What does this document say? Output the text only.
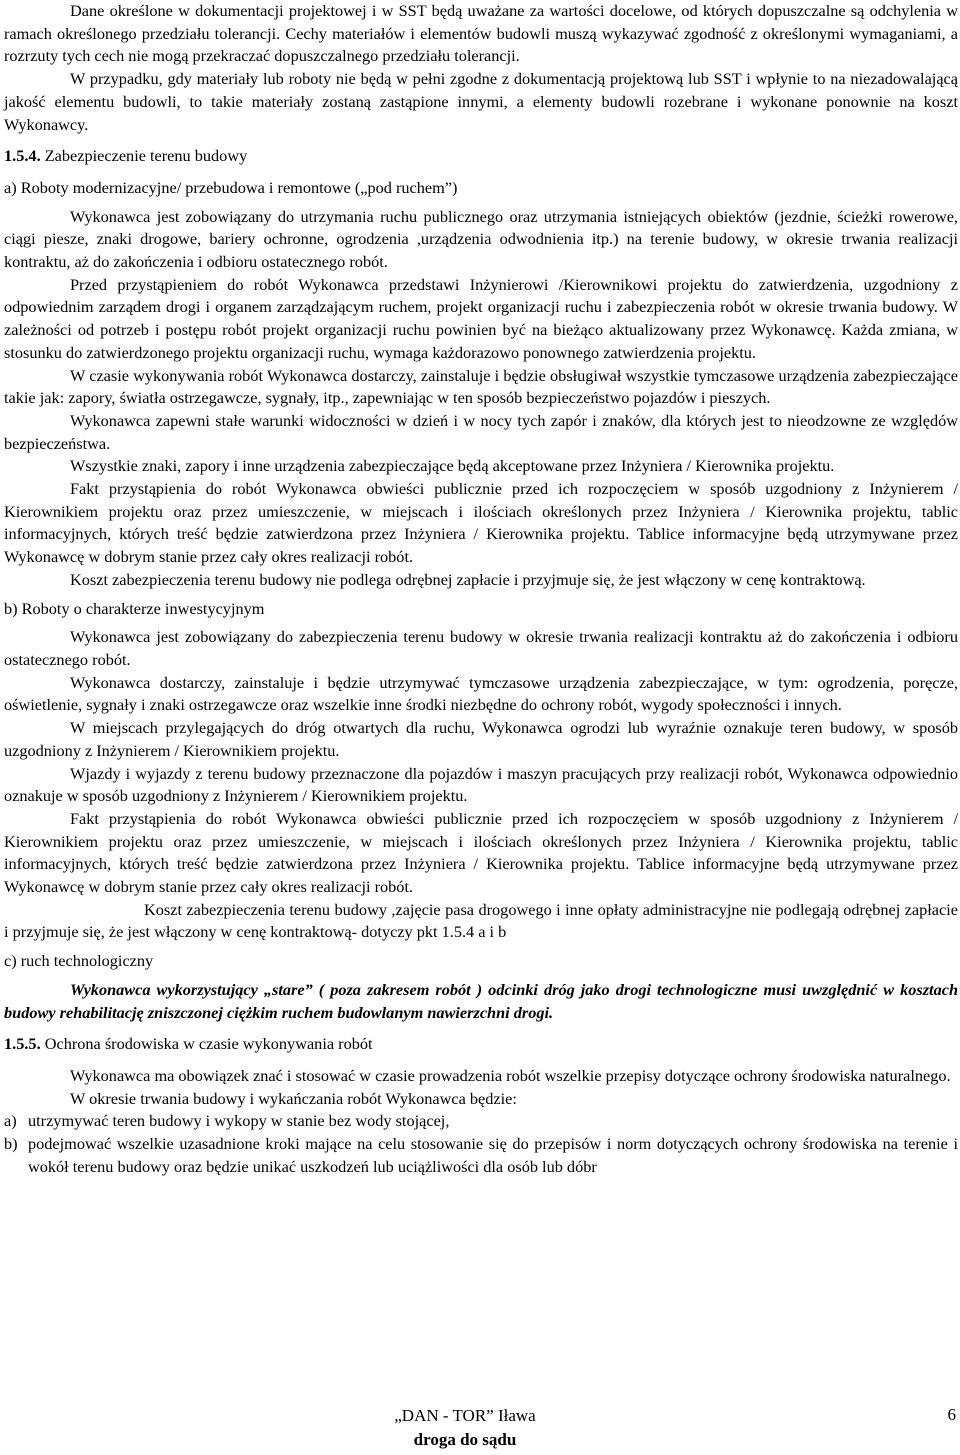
Dane określone w dokumentacji projektowej i w SST będą uważane za wartości docelowe, od których dopuszczalne są odchylenia w ramach określonego przedziału tolerancji. Cechy materiałów i elementów budowli muszą wykazywać zgodność z określonymi wymaganiami, a rozrzuty tych cech nie mogą przekraczać dopuszczalnego przedziału tolerancji.

W przypadku, gdy materiały lub roboty nie będą w pełni zgodne z dokumentacją projektową lub SST i wpłynie to na niezadowalającą jakość elementu budowli, to takie materiały zostaną zastąpione innymi, a elementy budowli rozebrane i wykonane ponownie na koszt Wykonawcy.

1.5.4. Zabezpieczenie terenu budowy

a) Roboty modernizacyjne/ przebudowa i remontowe („pod ruchem”)

Wykonawca jest zobowiązany do utrzymania ruchu publicznego oraz utrzymania istniejących obiektów (jezdnie, ścieżki rowerowe, ciągi piesze, znaki drogowe, bariery ochronne, ogrodzenia ,urządzenia odwodnienia itp.) na terenie budowy, w okresie trwania realizacji kontraktu, aż do zakończenia i odbioru ostatecznego robót.

Przed przystąpieniem do robót Wykonawca przedstawi Inżynierowi /Kierownikowi projektu do zatwierdzenia, uzgodniony z odpowiednim zarządem drogi i organem zarządzającym ruchem, projekt organizacji ruchu i zabezpieczenia robót w okresie trwania budowy. W zależności od potrzeb i postępu robót projekt organizacji ruchu powinien być na bieżąco aktualizowany przez Wykonawcę. Każda zmiana, w stosunku do zatwierdzonego projektu organizacji ruchu, wymaga każdorazowo ponownego zatwierdzenia projektu.

W czasie wykonywania robót Wykonawca dostarczy, zainstaluje i będzie obsługiwał wszystkie tymczasowe urządzenia zabezpieczające takie jak: zapory, światła ostrzegawcze, sygnały, itp., zapewniając w ten sposób bezpieczeństwo pojazdów i pieszych.

Wykonawca zapewni stałe warunki widoczności w dzień i w nocy tych zapór i znaków, dla których jest to nieodzowne ze względów bezpieczeństwa.

Wszystkie znaki, zapory i inne urządzenia zabezpieczające będą akceptowane przez Inżyniera / Kierownika projektu.

Fakt przystąpienia do robót Wykonawca obwieści publicznie przed ich rozpoczęciem w sposób uzgodniony z Inżynierem / Kierownikiem projektu oraz przez umieszczenie, w miejscach i ilościach określonych przez Inżyniera / Kierownika projektu, tablic informacyjnych, których treść będzie zatwierdzona przez Inżyniera / Kierownika projektu. Tablice informacyjne będą utrzymywane przez Wykonawcę w dobrym stanie przez cały okres realizacji robót.

Koszt zabezpieczenia terenu budowy nie podlega odrębnej zapłacie i przyjmuje się, że jest włączony w cenę kontraktową.

b) Roboty o charakterze inwestycyjnym

Wykonawca jest zobowiązany do zabezpieczenia terenu budowy w okresie trwania realizacji kontraktu aż do zakończenia i odbioru ostatecznego robót.

Wykonawca dostarczy, zainstaluje i będzie utrzymywać tymczasowe urządzenia zabezpieczające, w tym: ogrodzenia, poręcze, oświetlenie, sygnały i znaki ostrzegawcze oraz wszelkie inne środki niezbędne do ochrony robót, wygody społeczności i innych.

W miejscach przylegających do dróg otwartych dla ruchu, Wykonawca ogrodzi lub wyraźnie oznakuje teren budowy, w sposób uzgodniony z Inżynierem / Kierownikiem projektu.

Wjazdy i wyjazdy z terenu budowy przeznaczone dla pojazdów i maszyn pracujących przy realizacji robót, Wykonawca odpowiednio oznakuje w sposób uzgodniony z Inżynierem / Kierownikiem projektu.

Fakt przystąpienia do robót Wykonawca obwieści publicznie przed ich rozpoczęciem w sposób uzgodniony z Inżynierem / Kierownikiem projektu oraz przez umieszczenie, w miejscach i ilościach określonych przez Inżyniera / Kierownika projektu, tablic informacyjnych, których treść będzie zatwierdzona przez Inżyniera / Kierownika projektu. Tablice informacyjne będą utrzymywane przez Wykonawcę w dobrym stanie przez cały okres realizacji robót.

Koszt zabezpieczenia terenu budowy ,zajęcie pasa drogowego i inne opłaty administracyjne nie podlegają odrębnej zapłacie i przyjmuje się, że jest włączony w cenę kontraktową- dotyczy pkt 1.5.4 a i b

c) ruch technologiczny

Wykonawca wykorzystujący „stare” ( poza zakresem robót ) odcinki dróg jako drogi technologiczne musi uwzględnić w kosztach budowy rehabilitację zniszczonej ciężkim ruchem budowlanym nawierzchni drogi.

1.5.5. Ochrona środowiska w czasie wykonywania robót

Wykonawca ma obowiązek znać i stosować w czasie prowadzenia robót wszelkie przepisy dotyczące ochrony środowiska naturalnego.

W okresie trwania budowy i wykańczania robót Wykonawca będzie:

a) utrzymywać teren budowy i wykopy w stanie bez wody stojącej,
b) podejmować wszelkie uzasadnione kroki mające na celu stosowanie się do przepisów i norm dotyczących ochrony środowiska na terenie i wokół terenu budowy oraz będzie unikać uszkodzeń lub uciążliwości dla osób lub dóbr
„DAN - TOR” Iława
droga do sądu
6
